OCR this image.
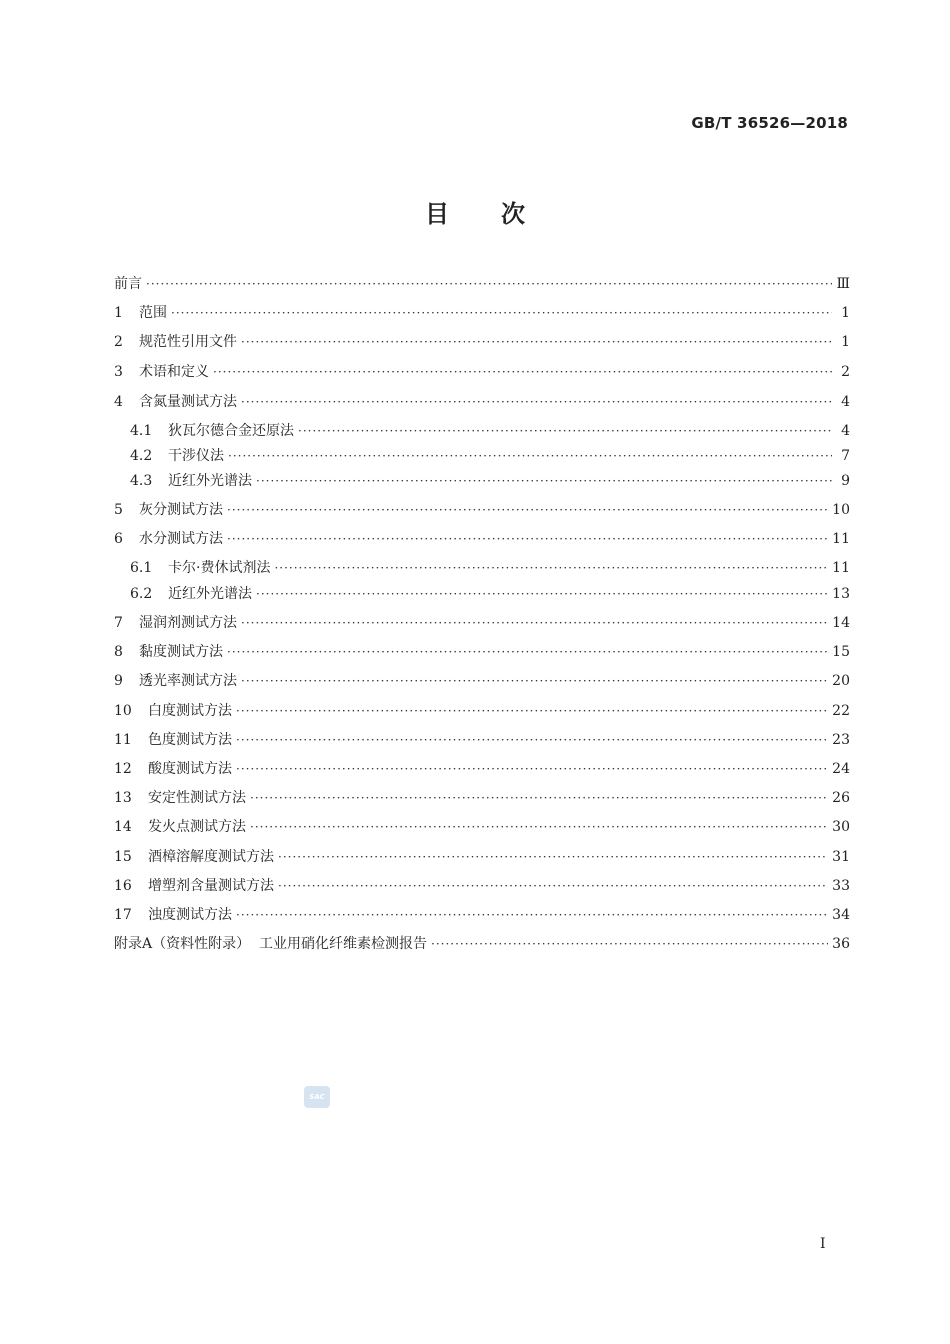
GB/T 36526—2018
目次
前言 ·····	Ⅲ
1	范围 ·····	1
2	规范性引用文件 ·····	1
3	术语和定义 ·····	2
4	含氮量测试方法 ·····	4
4.1	狄瓦尔德合金还原法 ·····	4
4.2	干涉仪法 ·····	7
4.3	近红外光谱法 ·····	9
5	灰分测试方法 ·····	10
6	水分测试方法 ·····	11
6.1	卡尔·费休试剂法 ·····	11
6.2	近红外光谱法 ·····	13
7	湿润剂测试方法 ·····	14
8	黏度测试方法 ·····	15
9	透光率测试方法 ·····	20
10	白度测试方法 ·····	22
11	色度测试方法 ·····	23
12	酸度测试方法 ·····	24
13	安定性测试方法 ·····	26
14	发火点测试方法 ·····	30
15	酒樟溶解度测试方法 ·····	31
16	增塑剂含量测试方法 ·····	33
17	浊度测试方法 ·····	34
附录A（资料性附录）  工业用硝化纤维素检测报告 ·····	36
SAC
I
